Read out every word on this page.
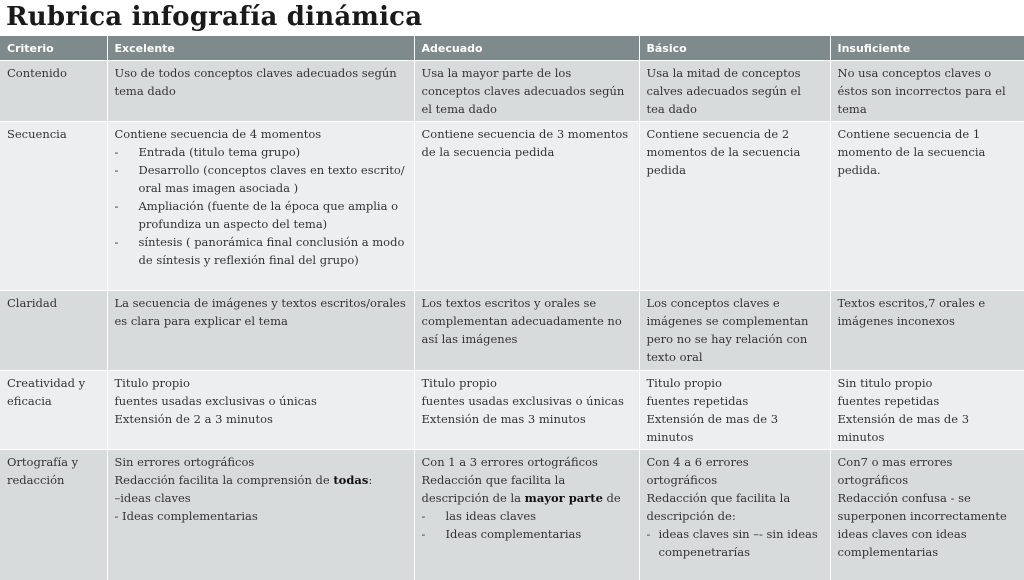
Rubrica infografía dinámica
Criterio	Excelente	Adecuado	Básico	Insuficiente
Contenido	Uso de todos conceptos claves adecuados según tema dado	Usa la mayor parte de los conceptos claves adecuados según el tema dado	Usa la mitad de conceptos calves adecuados según el tea dado	No usa conceptos claves o éstos son incorrectos para el tema

Secuencia	Contiene secuencia de 4 momentos
- Entrada (titulo tema grupo)
- Desarrollo (conceptos claves en texto escrito/ oral mas imagen asociada )
- Ampliación (fuente de la época que amplia o profundiza un aspecto del tema)
- síntesis ( panorámica final conclusión a modo de síntesis y reflexión final del grupo)	Contiene secuencia de 3 momentos de la secuencia pedida	Contiene secuencia de 2 momentos de la secuencia pedida	Contiene secuencia de 1 momento de la secuencia pedida.

Claridad	La secuencia de imágenes y textos escritos/orales es clara para explicar el tema	Los textos escritos y orales se complementan adecuadamente no así las imágenes	Los conceptos claves e imágenes se complementan pero no se hay relación con texto oral	Textos escritos,7 orales e imágenes inconexos

Creatividad y eficacia	Titulo propio
fuentes usadas exclusivas o únicas
Extensión de 2 a 3 minutos	Titulo propio
fuentes usadas exclusivas o únicas
Extensión de mas 3 minutos	Titulo propio
fuentes repetidas
Extensión de mas de 3 minutos	Sin titulo propio
fuentes repetidas
Extensión de mas de 3 minutos

Ortografía y redacción	Sin errores ortográficos
Redacción facilita la comprensión de todas:
–ideas claves
- Ideas complementarias	Con 1 a 3 errores ortográficos
Redacción que facilita la descripción de la mayor parte de
- las ideas claves
- Ideas complementarias	Con 4 a 6 errores ortográficos
Redacción que facilita la descripción de:
- ideas claves sin –- sin ideas compenetrarías	Con7 o mas errores ortográficos
Redacción confusa - se superponen incorrectamente ideas claves con ideas complementarias
